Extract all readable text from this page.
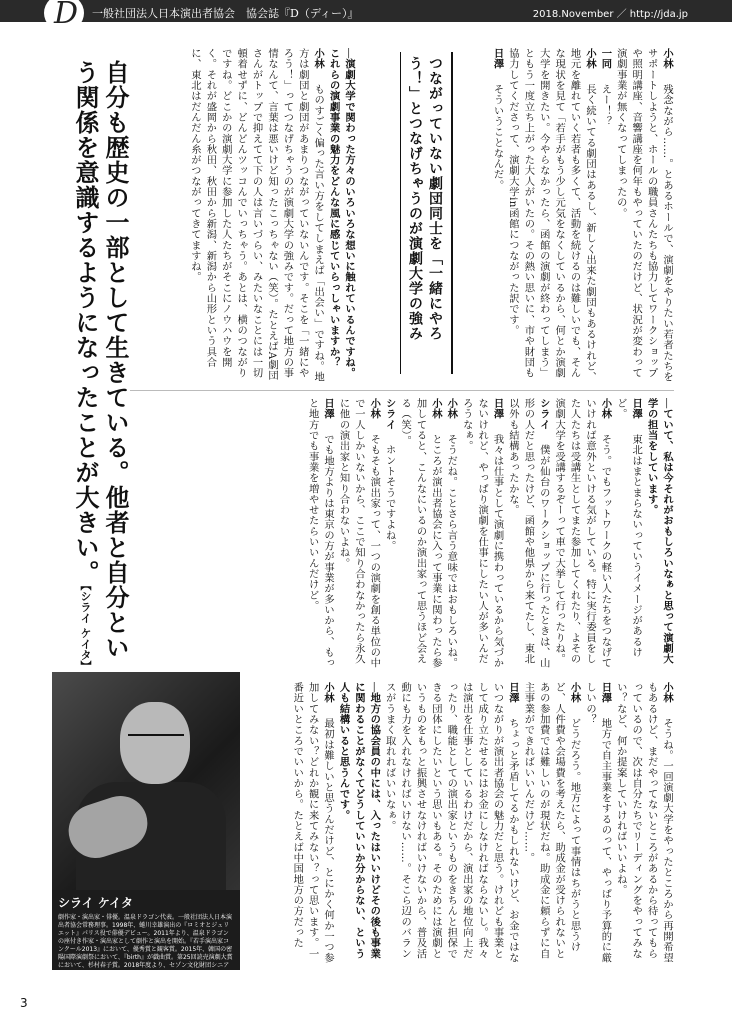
D 一般社団法人日本演出者協会　協会誌『D（ディー）』	2018.November ／ http://jda.jp

小林　残念ながら……。とあるホールで、演劇をやりたい若者たちをサポートしようと、ホールの職員さんたちも協力してワークショップや照明講座、音響講座を何年もやっていたのだけど、状況が変わって演劇事業が無くなってしまったの。

一同　えー！？

小林　長く続いてる劇団はあるし、新しく出来た劇団もあるけれど、地元を離れていく若者も多くて、活動を続けるのは難しいでも、そんな現状を見て「若手がもう少し元気をなくしているから、何とか演劇大学を開きたい。今やらなかったら、函館の演劇が終わってしまう」ともう一度立ち上がった大人がいたの。その熱い思いに、市や財団も協力してくださって、演劇大学in函館につながった訳です。

日澤　そういうことなんだ。

つながっていない劇団同士を「一緒にやろう！」とつなげちゃうのが演劇大学の強み

―演劇大学で関わった方々のいろいろな想いに触れているんですね。これらの演劇事業の魅力をどんな風に感じていらっしゃいますか？

小林　ものすごく偏った言い方をしてしまえば「出会い」ですね。地方は劇団と劇団があまりつながっていないんです。そこを「一緒にやろう！」ってつなげちゃうのが演劇大学の強みです。だって地方の事情なんて、言葉は悪いけど知ったこっちゃない（笑）。たとえばA劇団さんがトップで抑えてて下の人は言いづらい、みたいなことには一切頓着せずに、どんどんツッコんでいっちゃう。あとは、横のつながりですね。どこかの演劇大学に参加した人たちがそこにノウハウを開く。それが盛岡から秋田、秋田から新潟、新潟から山形という具合に、東北はだんだん糸がつながってきてますね。

自分も歴史の一部として生きている。他者と自分という関係を意識するようになったことが大きい。【シライ ケイタ】

―ていて、私は今それがおもしろいなぁと思って演劇大学の担当をしています。

日澤　東北はまとまらないっていうイメージがあるけど。

小林　そう。でもフットワークの軽い人たちをつなげていければ意外といける気がしている。特に実行委員をした人たちは受講生としてまた参加してくれたり、よその演劇大学を受講するぞーって車で大挙して行ったりね。

シライ　僕が仙台のワークショップに行ったときは、山形の人だと思ったけど、函館や他県から来てたし、東北以外も結構あったかな。

日澤　我々は仕事として演劇に携わっているから気づかないけれど、やっぱり演劇を仕事にしたい人が多いんだろうなぁ。

小林　そうだね。ことさら言う意味ではおもしろいね。

小林　ところが演出者協会に入って事業に関わったら参加してると、こんなにいるのか演出家って思うほど会える（笑）。

シライ　ホントそうですよね。

小林　そもそも演出家って、一つの演劇を創る単位の中で一人しかいないから、ここで知り合わなかったら永久に他の演出家と知り合わないよね。

日澤　でも地方よりは東京の方が事業が多いから、もっと地方でも事業を増やせたらいいんだけど。

小林　そうね。一回演劇大学をやったところから再開希望もあるけど、まだやってないところがあるから待ってもらっているので、次は自分たちでリーディングをやってみない？など、何か提案していければいいよね。

日澤　地方で自主事業をするのって、やっぱり予算的に厳しいの？

小林　どうだろう。地方によって事情はちがうと思うけど、人件費や会場費を考えたら、助成金が受けられないとあの参加費では難しいのが現状だね。助成金に頼らずに自主事業ができればいいんだけど……。

日澤　ちょっと矛盾してるかもしれないけど、お金ではないつながりが演出者協会の魅力だと思う。けれども事業として成り立たせるにはお金にしなければならないし。我々は演出を仕事としているわけだから、演出家の地位向上だったり、職能としての演出家というものをきちんと担保できる団体にしたいという思いもある。そのためには演劇というものをもっと振興させなければいけないから、普及活動にも力を入れなければいけない……。そこら辺のバランスがうまく取れればいいなぁ。

―地方の協会員の中には、入ったはいいけどその後も事業に関わることがなくてどうしていいか分からない、という人も結構いると思うんです。

小林　最初は難しいと思うんだけど、とにかく何か一つ参加してみない？どれか観に来てみない？って思います。一番近いところでいいから。たとえば中国地方の方だった

シライ ケイタ
劇作家・演出家・俳優。温泉ドラゴン代表。一般社団法人日本演出者協会常務理事。1998年、蜷川幸雄演出の『ロミオとジュリエット』パリス役で俳優デビュー。2011年より、温泉ドラゴンの座付き作家・演出家として劇作と演出を開始。『若手演出家コンクール2013』において、優秀賞と観客賞。2015年、韓国の密陽国際演劇祭において、『birth』が戯曲賞。第25回読売演劇大賞において、杉村春子賞。2018年度より、セゾン文化財団シニアフェロー。
3
